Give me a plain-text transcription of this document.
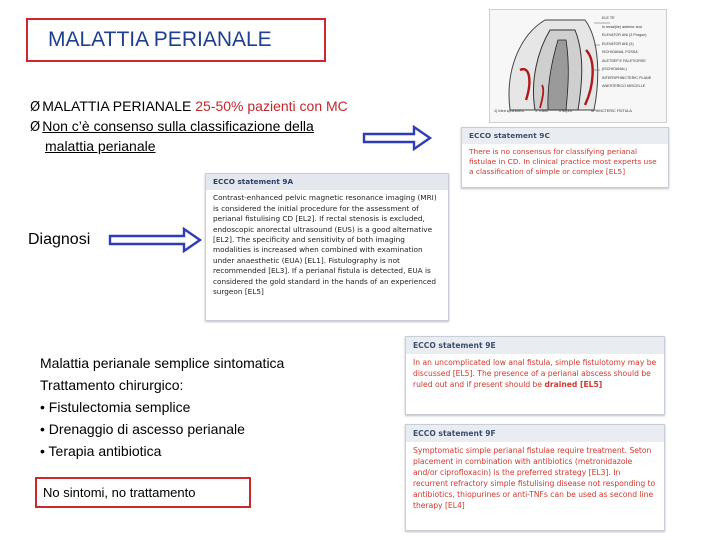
MALATTIA PERIANALE
Ø MALATTIA PERIANALE 25-50% pazienti con MC
Ø Non c’è consenso sulla classificazione della
malattia perianale
Diagnosi
ELE TE
Is rectal(ile) anterior and
ELEVATOR ANI (3 Porgue)
ELEVATOR ANI (3)
ISCHIOANAL FOSSA
ALETSEP E FALETIORSE
(ISCHIOANAL)
INTERSPHINCTERIC PLANE
ANESTERICO MISCELLE
1) Intra sphincteric	2 Trans	3 Supra	SPHINCTERIC FISTULA
ECCO statement 9C
There is no consensus for classifying perianal fistulae in CD. In clinical practice most experts use a classification of simple or complex [EL5]
ECCO statement 9A
Contrast-enhanced pelvic magnetic resonance imaging (MRI) is considered the initial procedure for the assessment of perianal fistulising CD [EL2]. If rectal stenosis is excluded, endoscopic anorectal ultrasound (EUS) is a good alternative [EL2]. The specificity and sensitivity of both imaging modalities is increased when combined with examination under anaesthetic (EUA) [EL1]. Fistulography is not recommended [EL3]. If a perianal fistula is detected, EUA is considered the gold standard in the hands of an experienced surgeon [EL5]
Malattia perianale semplice sintomatica
Trattamento chirurgico:
• Fistulectomia semplice
• Drenaggio di ascesso perianale
• Terapia antibiotica
No sintomi, no trattamento
ECCO statement 9E
In an uncomplicated low anal fistula, simple fistulotomy may be discussed [EL5]. The presence of a perianal abscess should be ruled out and if present should be drained [EL5]
ECCO statement 9F
Symptomatic simple perianal fistulae require treatment. Seton placement in combination with antibiotics (metronidazole and/or ciprofloxacin) is the preferred strategy [EL3]. In recurrent refractory simple fistulising disease not responding to antibiotics, thiopurines or anti-TNFs can be used as second line therapy [EL4]
